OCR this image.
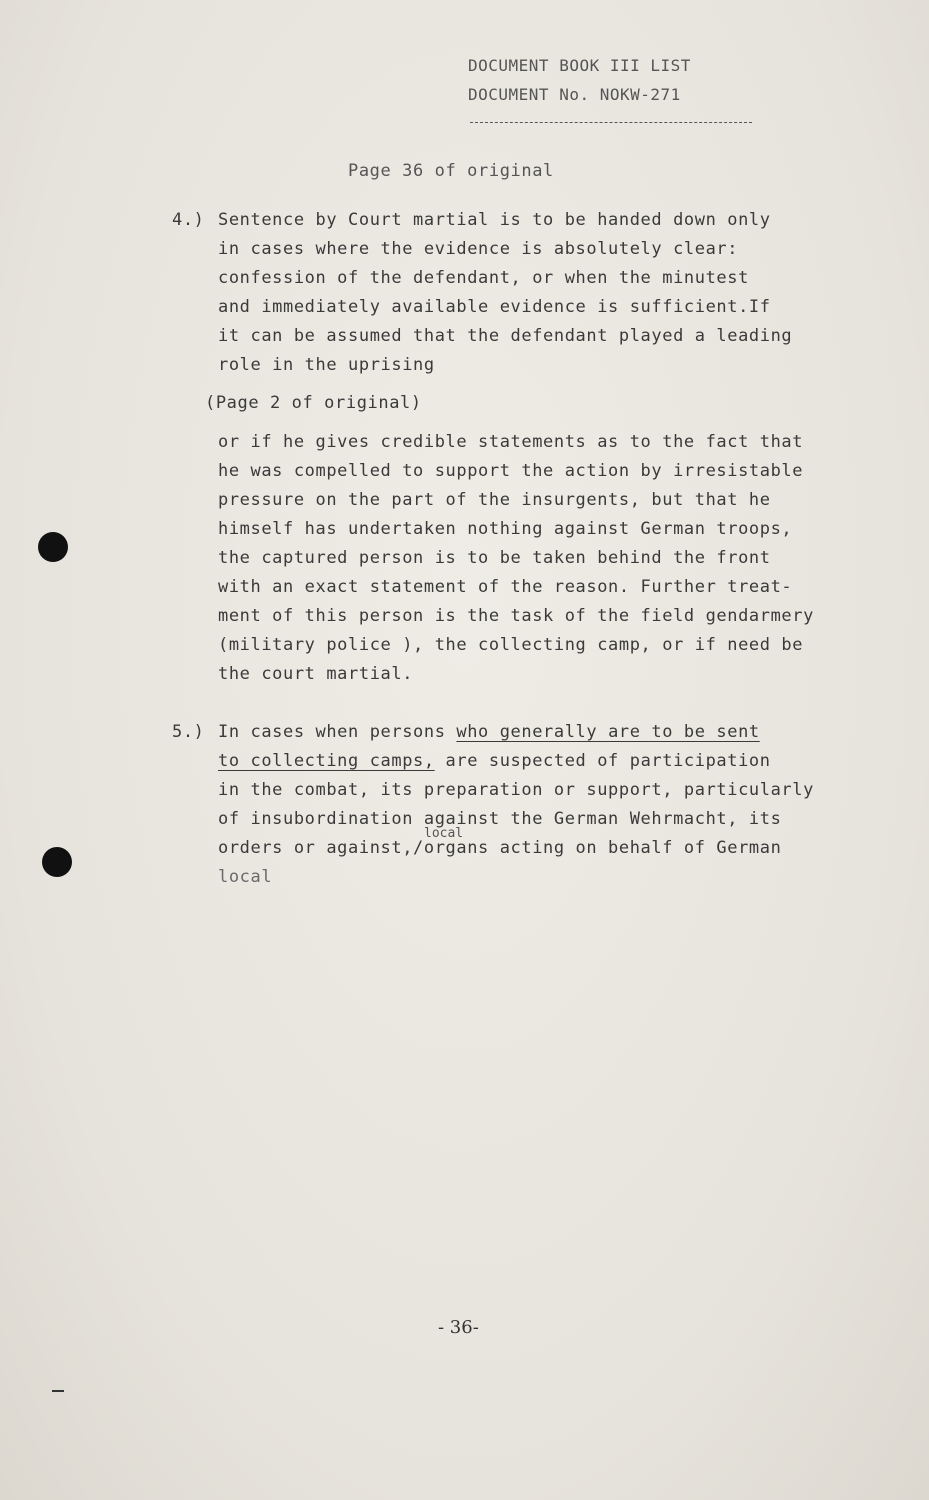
DOCUMENT BOOK III LIST
DOCUMENT No. NOKW-271
Page 36 of original
4.) Sentence by Court martial is to be handed down only
in cases where the evidence is absolutely clear:
confession of the defendant, or when the minutest
and immediately available evidence is sufficient.If
it can be assumed that the defendant played a leading
role in the uprising
(Page 2 of original)
or if he gives credible statements as to the fact that
he was compelled to support the action by irresistable
pressure on the part of the insurgents, but that he
himself has undertaken nothing against German troops,
the captured person is to be taken behind the front
with an exact statement of the reason. Further treat-
ment of this person is the task of the field gendarmery
(military police ), the collecting camp, or if need be
the court martial.
5.) In cases when persons who generally are to be sent
to collecting camps, are suspected of participation
in the combat, its preparation or support, particularly
of insubordination against the German Wehrmacht, its
local
orders or against,/organs acting on behalf of German
local
- 36-
